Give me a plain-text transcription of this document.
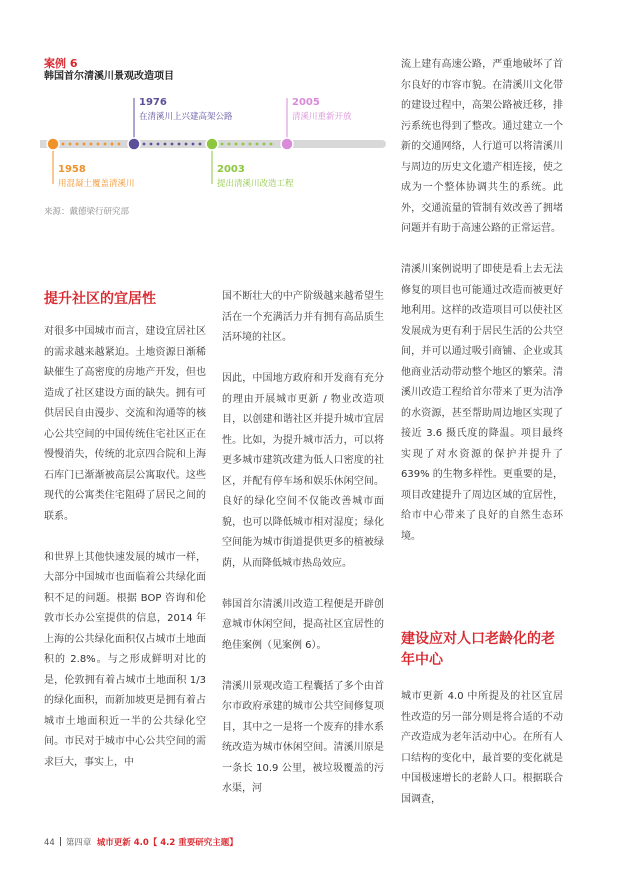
案例 6
韩国首尔清溪川景观改造项目
1958
用混凝土覆盖清溪川
1976
在清溪川上兴建高架公路
2003
提出清溪川改造工程
2005
清溪川重新开放
来源：戴德梁行研究部
提升社区的宜居性

对很多中国城市而言，建设宜居社区的需求越来越紧迫。土地资源日渐稀缺催生了高密度的房地产开发，但也造成了社区建设方面的缺失。拥有可供居民自由漫步、交流和沟通等的核心公共空间的中国传统住宅社区正在慢慢消失，传统的北京四合院和上海石库门已渐渐被高层公寓取代。这些现代的公寓类住宅阻碍了居民之间的联系。

和世界上其他快速发展的城市一样，大部分中国城市也面临着公共绿化面积不足的问题。根据 BOP 咨询和伦敦市长办公室提供的信息，2014 年上海的公共绿化面积仅占城市土地面积的 2.8%。与之形成鲜明对比的是，伦敦拥有着占城市土地面积 1/3 的绿化面积，而新加坡更是拥有着占城市土地面积近一半的公共绿化空间。市民对于城市中心公共空间的需求巨大，事实上，中

国不断壮大的中产阶级越来越希望生活在一个充满活力并有拥有高品质生活环境的社区。

因此，中国地方政府和开发商有充分的理由开展城市更新 / 物业改造项目，以创建和谐社区并提升城市宜居性。比如，为提升城市活力，可以将更多城市建筑改建为低人口密度的社区，并配有停车场和娱乐休闲空间。良好的绿化空间不仅能改善城市面貌，也可以降低城市相对湿度；绿化空间能为城市街道提供更多的植被绿荫，从而降低城市热岛效应。

韩国首尔清溪川改造工程便是开辟创意城市休闲空间，提高社区宜居性的绝佳案例（见案例 6）。

清溪川景观改造工程囊括了多个由首尔市政府承建的城市公共空间修复项目，其中之一是将一个废弃的排水系统改造为城市休闲空间。清溪川原是一条长 10.9 公里，被垃圾覆盖的污水渠，河

流上建有高速公路，严重地破坏了首尔良好的市容市貌。在清溪川文化带的建设过程中，高架公路被迁移，排污系统也得到了整改。通过建立一个新的交通网络，人行道可以将清溪川与周边的历史文化遗产相连接，使之成为一个整体协调共生的系统。此外，交通流量的管制有效改善了拥堵问题并有助于高速公路的正常运营。

清溪川案例说明了即使是看上去无法修复的项目也可能通过改造而被更好地利用。这样的改造项目可以使社区发展成为更有利于居民生活的公共空间，并可以通过吸引商铺、企业或其他商业活动带动整个地区的繁荣。清溪川改造工程给首尔带来了更为洁净的水资源，甚至帮助周边地区实现了接近 3.6 摄氏度的降温。项目最终实现了对水资源的保护并提升了 639% 的生物多样性。更重要的是，项目改建提升了周边区域的宜居性，给市中心带来了良好的自然生态环境。

建设应对人口老龄化的老年中心

城市更新 4.0 中所提及的社区宜居性改造的另一部分则是将合适的不动产改造成为老年活动中心。在所有人口结构的变化中，最首要的变化就是中国极速增长的老龄人口。根据联合国调查，

44 第四章 城市更新 4.0【 4.2 重要研究主题】
